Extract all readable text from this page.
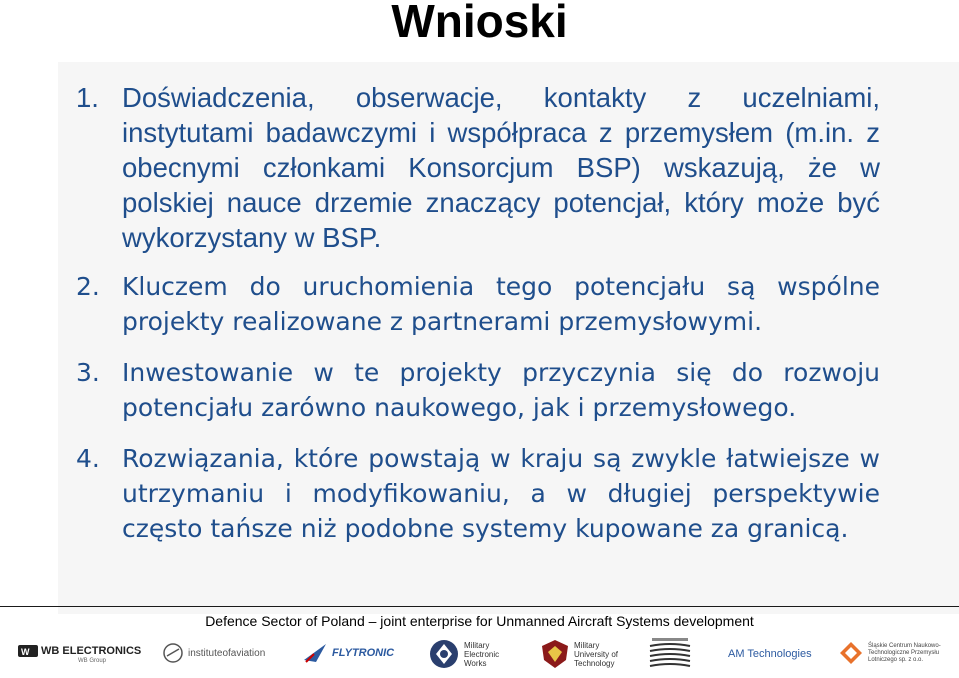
Wnioski
1. Doświadczenia, obserwacje, kontakty z uczelniami, instytutami badawczymi i współpraca z przemysłem (m.in. z obecnymi członkami Konsorcjum BSP) wskazują, że w polskiej nauce drzemie znaczący potencjał, który może być wykorzystany w BSP.
2. Kluczem do uruchomienia tego potencjału są wspólne projekty realizowane z partnerami przemysłowymi.
3. Inwestowanie w te projekty przyczynia się do rozwoju potencjału zarówno naukowego, jak i przemysłowego.
4. Rozwiązania, które powstają w kraju są zwykle łatwiejsze w utrzymaniu i modyfikowaniu, a w długiej perspektywie często tańsze niż podobne systemy kupowane za granicą.
Defence Sector of Poland – joint enterprise for Unmanned Aircraft Systems development
W WB ELECTRONICS
WB Group
instituteofaviation	FLYTRONIC
Military Electronic Works
Military University of Technology
AM Technologies
Śląskie Centrum Naukowo-Technologiczne Przemysłu Lotniczego sp. z o.o.
